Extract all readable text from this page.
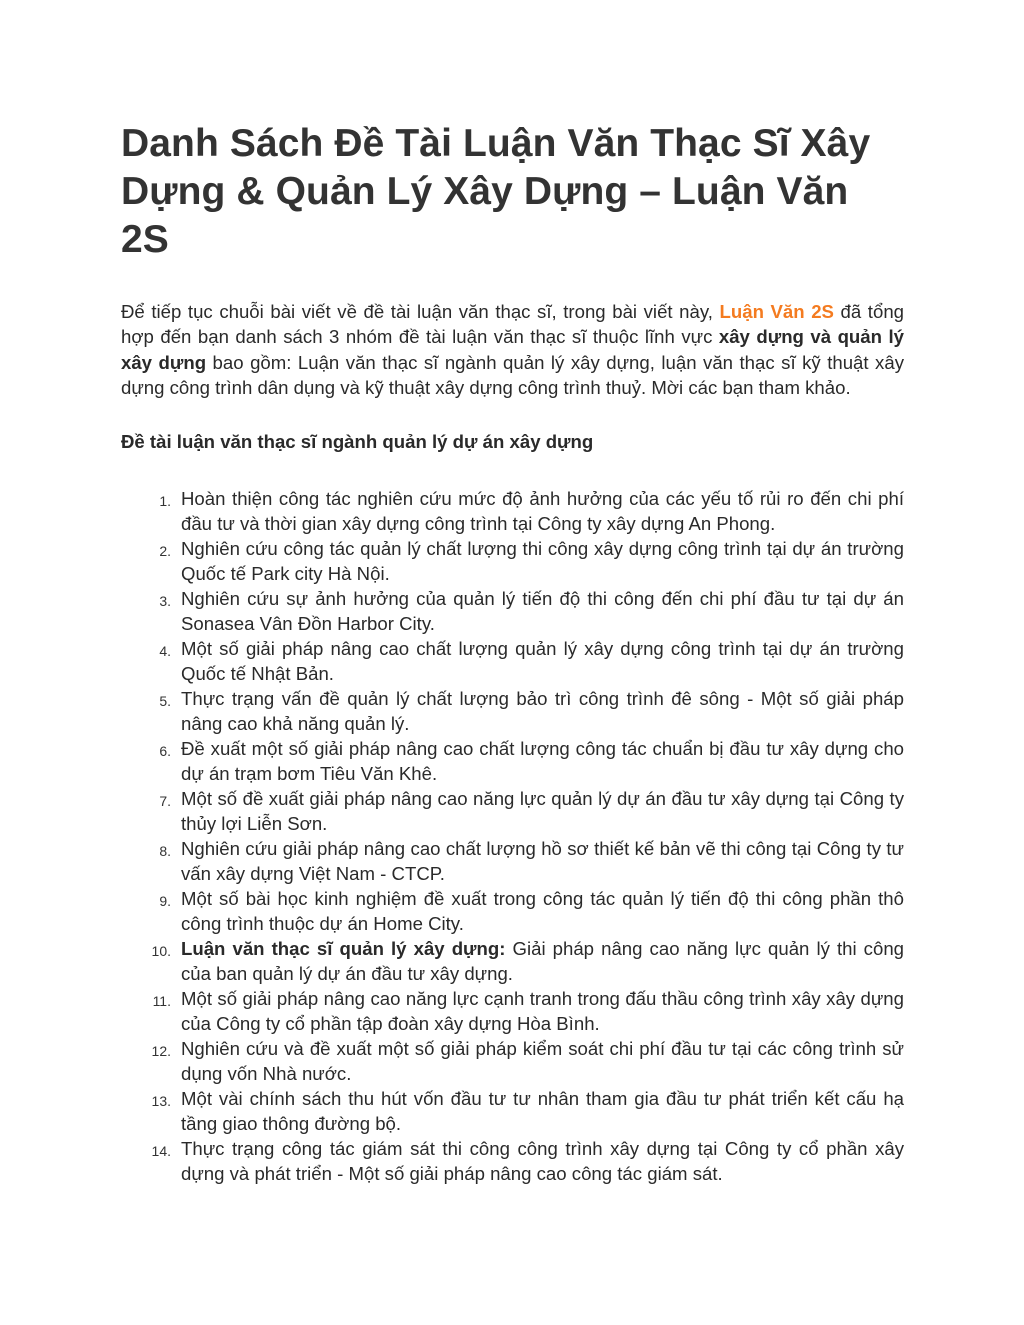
Danh Sách Đề Tài Luận Văn Thạc Sĩ Xây Dựng & Quản Lý Xây Dựng – Luận Văn 2S

Để tiếp tục chuỗi bài viết về đề tài luận văn thạc sĩ, trong bài viết này, Luận Văn 2S đã tổng hợp đến bạn danh sách 3 nhóm đề tài luận văn thạc sĩ thuộc lĩnh vực xây dựng và quản lý xây dựng bao gồm: Luận văn thạc sĩ ngành quản lý xây dựng, luận văn thạc sĩ kỹ thuật xây dựng công trình dân dụng và kỹ thuật xây dựng công trình thuỷ. Mời các bạn tham khảo.

Đề tài luận văn thạc sĩ ngành quản lý dự án xây dựng
1. Hoàn thiện công tác nghiên cứu mức độ ảnh hưởng của các yếu tố rủi ro đến chi phí đầu tư và thời gian xây dựng công trình tại Công ty xây dựng An Phong.
2. Nghiên cứu công tác quản lý chất lượng thi công xây dựng công trình tại dự án trường Quốc tế Park city Hà Nội.
3. Nghiên cứu sự ảnh hưởng của quản lý tiến độ thi công đến chi phí đầu tư tại dự án Sonasea Vân Đồn Harbor City.
4. Một số giải pháp nâng cao chất lượng quản lý xây dựng công trình tại dự án trường Quốc tế Nhật Bản.
5. Thực trạng vấn đề quản lý chất lượng bảo trì công trình đê sông - Một số giải pháp nâng cao khả năng quản lý.
6. Đề xuất một số giải pháp nâng cao chất lượng công tác chuẩn bị đầu tư xây dựng cho dự án trạm bơm Tiêu Văn Khê.
7. Một số đề xuất giải pháp nâng cao năng lực quản lý dự án đầu tư xây dựng tại Công ty thủy lợi Liễn Sơn.
8. Nghiên cứu giải pháp nâng cao chất lượng hồ sơ thiết kế bản vẽ thi công tại Công ty tư vấn xây dựng Việt Nam - CTCP.
9. Một số bài học kinh nghiệm đề xuất trong công tác quản lý tiến độ thi công phần thô công trình thuộc dự án Home City.
10. Luận văn thạc sĩ quản lý xây dựng: Giải pháp nâng cao năng lực quản lý thi công của ban quản lý dự án đầu tư xây dựng.
11. Một số giải pháp nâng cao năng lực cạnh tranh trong đấu thầu công trình xây xây dựng của Công ty cổ phần tập đoàn xây dựng Hòa Bình.
12. Nghiên cứu và đề xuất một số giải pháp kiểm soát chi phí đầu tư tại các công trình sử dụng vốn Nhà nước.
13. Một vài chính sách thu hút vốn đầu tư tư nhân tham gia đầu tư phát triển kết cấu hạ tầng giao thông đường bộ.
14. Thực trạng công tác giám sát thi công công trình xây dựng tại Công ty cổ phần xây dựng và phát triển - Một số giải pháp nâng cao công tác giám sát.
